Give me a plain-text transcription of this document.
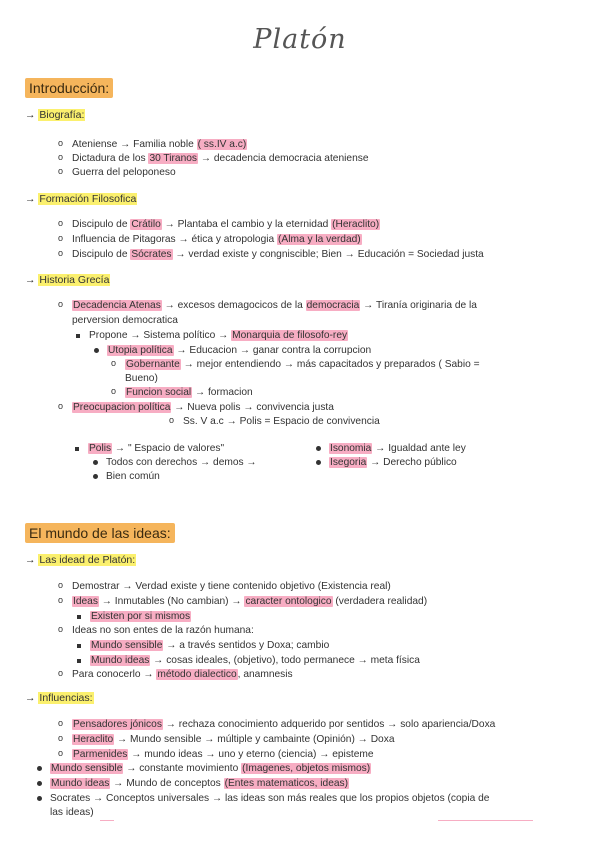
Platón
Introducción:
→ Biografía:
o Ateniense → Familia noble ( ss.IV a.c)
o Dictadura de los 30 Tiranos → decadencia democracia ateniense
o Guerra del peloponeso
→ Formación Filosofica
o Discipulo de Crátilo → Plantaba el cambio y la eternidad (Heraclito)
o Influencia de Pitagoras → ética y atropologia (Alma y la verdad)
o Discipulo de Sócrates → verdad existe y congniscible; Bien → Educación = Sociedad justa
→ Historia Grecía
o Decadencia Atenas → excesos demagocicos de la democracia → Tiranía originaria de la
perversion democratica
Propone → Sistema político → Monarquia de filosofo-rey
Utopia política → Educacion → ganar contra la corrupcion
o Gobernante → mejor entendiendo → más capacitados y preparados ( Sabio =
Bueno)
o Funcion social → formacion
o Preocupacion política → Nueva polis → convivencia justa
o Ss. V a.c → Polis = Espacio de convivencia
Polis → " Espacio de valores"
Todos con derechos → demos →
Bien común
Isonomia → Igualdad ante ley
Isegoria → Derecho público
El mundo de las ideas:
→ Las idead de Platón:
o Demostrar → Verdad existe y tiene contenido objetivo (Existencia real)
o Ideas → Inmutables (No cambian) → caracter ontologico (verdadera realidad)
Existen por si mismos
o Ideas no son entes de la razón humana:
Mundo sensible → a través sentidos y Doxa; cambio
Mundo ideas → cosas ideales, (objetivo), todo permanece → meta física
o Para conocerlo → método dialectico, anamnesis
→ Influencias:
o Pensadores jónicos → rechaza conocimiento adquerido por sentidos → solo apariencia/Doxa
o Heraclito → Mundo sensible → múltiple y cambainte (Opinión) → Doxa
o Parmenides → mundo ideas → uno y eterno (ciencia) → episteme
Mundo sensible → constante movimiento (Imagenes, objetos mismos)
Mundo ideas → Mundo de conceptos (Entes matematicos, ideas)
Socrates → Conceptos universales → las ideas son más reales que los propios objetos (copia de
las ideas)
